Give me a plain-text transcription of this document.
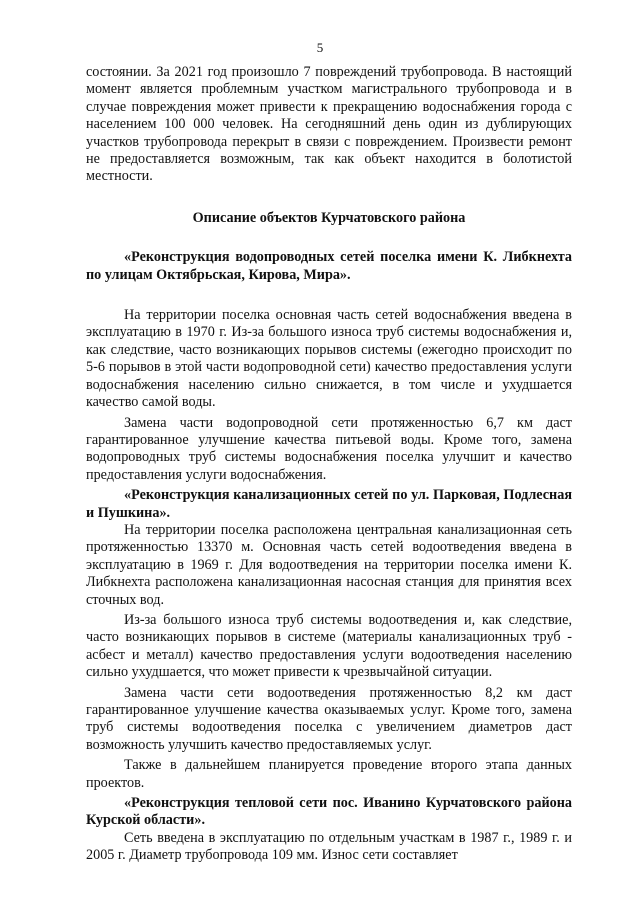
5

состоянии. За 2021 год произошло 7 повреждений трубопровода. В настоящий момент является проблемным участком магистрального трубопровода и в случае повреждения может привести к прекращению водоснабжения города с населением 100 000 человек. На сегодняшний день один из дублирующих участков трубопровода перекрыт в связи с повреждением. Произвести ремонт не предоставляется возможным, так как объект находится в болотистой местности.

Описание объектов Курчатовского района

«Реконструкция водопроводных сетей поселка имени К. Либкнехта по улицам Октябрьская, Кирова, Мира».

На территории поселка основная часть сетей водоснабжения введена в эксплуатацию в 1970 г. Из-за большого износа труб системы водоснабжения и, как следствие, часто возникающих порывов системы (ежегодно происходит по 5-6 порывов в этой части водопроводной сети) качество предоставления услуги водоснабжения населению сильно снижается, в том числе и ухудшается качество самой воды.

Замена части водопроводной сети протяженностью 6,7 км даст гарантированное улучшение качества питьевой воды. Кроме того, замена водопроводных труб системы водоснабжения поселка улучшит и качество предоставления услуги водоснабжения.

«Реконструкция канализационных сетей по ул. Парковая, Подлесная и Пушкина».

На территории поселка расположена центральная канализационная сеть протяженностью 13370 м. Основная часть сетей водоотведения введена в эксплуатацию в 1969 г. Для водоотведения на территории поселка имени К. Либкнехта расположена канализационная насосная станция для принятия всех сточных вод.

Из-за большого износа труб системы водоотведения и, как следствие, часто возникающих порывов в системе (материалы канализационных труб - асбест и металл) качество предоставления услуги водоотведения населению сильно ухудшается, что может привести к чрезвычайной ситуации.

Замена части сети водоотведения протяженностью 8,2 км даст гарантированное улучшение качества оказываемых услуг. Кроме того, замена труб системы водоотведения поселка с увеличением диаметров даст возможность улучшить качество предоставляемых услуг.

Также в дальнейшем планируется проведение второго этапа данных проектов.

«Реконструкция тепловой сети пос. Иванино Курчатовского района Курской области».

Сеть введена в эксплуатацию по отдельным участкам в 1987 г., 1989 г. и 2005 г. Диаметр трубопровода 109 мм. Износ сети составляет
